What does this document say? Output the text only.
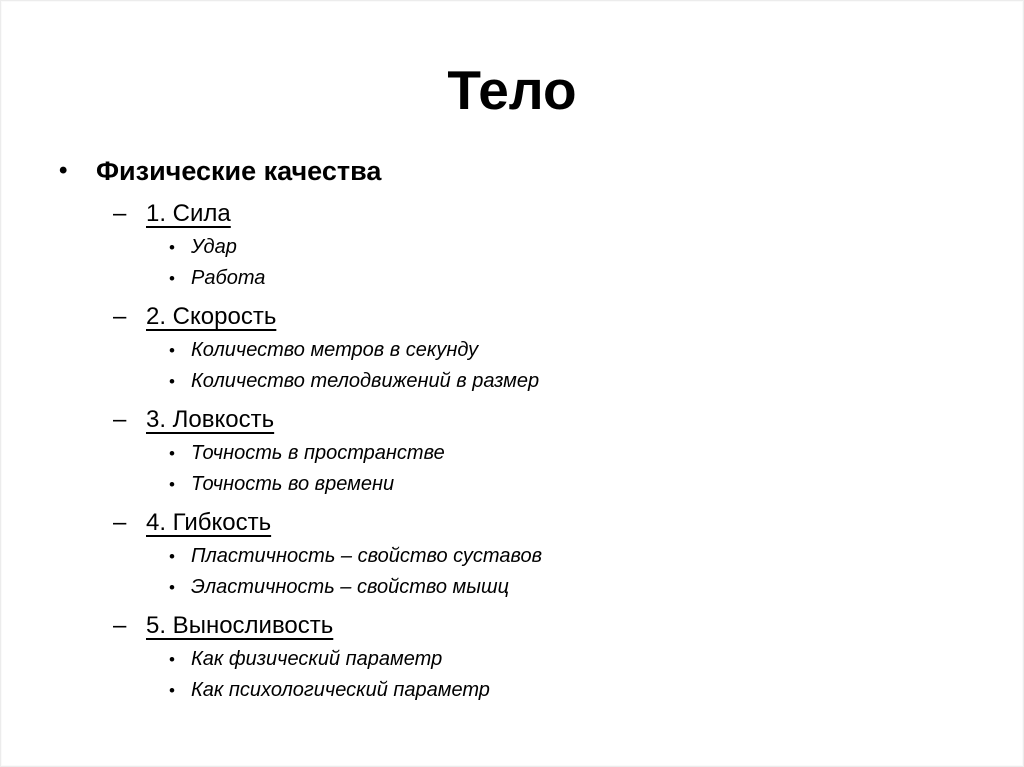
Тело
•	Физические качества
– 1. Сила
• Удар
• Работа
– 2. Скорость
• Количество метров в секунду
• Количество телодвижений в размер
– 3. Ловкость
• Точность в пространстве
• Точность во времени
– 4. Гибкость
• Пластичность – свойство суставов
• Эластичность – свойство мышц
– 5. Выносливость
• Как физический параметр
• Как психологический параметр
